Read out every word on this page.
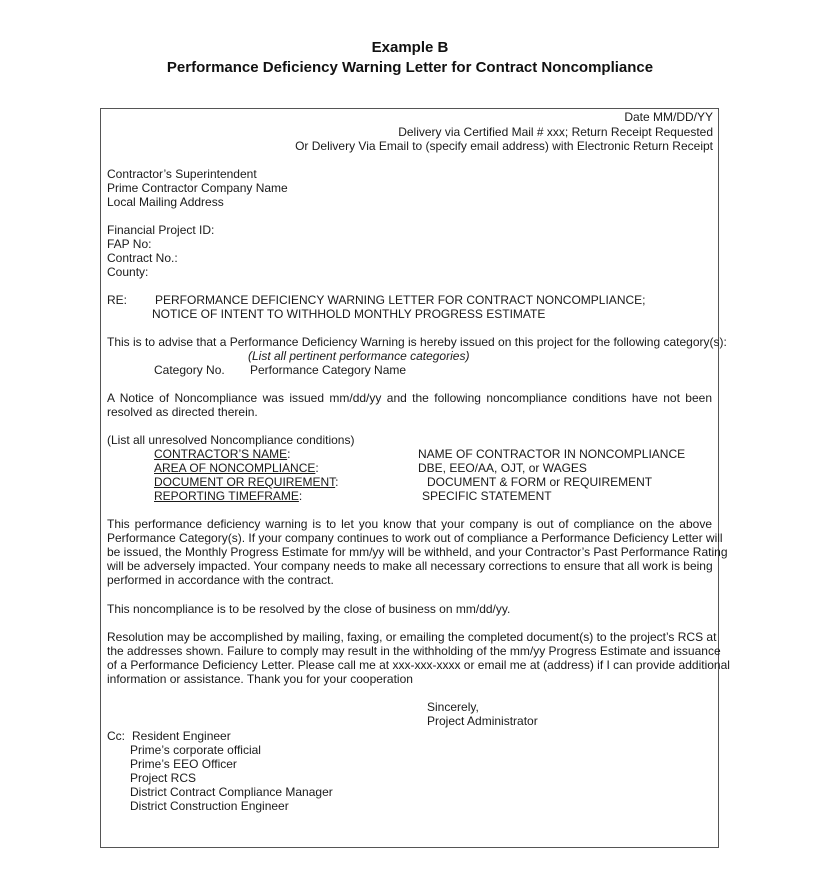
Example B
Performance Deficiency Warning Letter for Contract Noncompliance
Date MM/DD/YY
Delivery via Certified Mail # xxx; Return Receipt Requested
Or Delivery Via Email to (specify email address) with Electronic Return Receipt
Contractor’s Superintendent
Prime Contractor Company Name
Local Mailing Address
Financial Project ID:
FAP No:
Contract No.:
County:
RE: PERFORMANCE DEFICIENCY WARNING LETTER FOR CONTRACT NONCOMPLIANCE;
NOTICE OF INTENT TO WITHHOLD MONTHLY PROGRESS ESTIMATE
This is to advise that a Performance Deficiency Warning is hereby issued on this project for the following category(s):
(List all pertinent performance categories)
Category No. Performance Category Name
A Notice of Noncompliance was issued mm/dd/yy and the following noncompliance conditions have not been
resolved as directed therein.
(List all unresolved Noncompliance conditions)
CONTRACTOR’S NAME:	NAME OF CONTRACTOR IN NONCOMPLIANCE
AREA OF NONCOMPLIANCE:	DBE, EEO/AA, OJT, or WAGES
DOCUMENT OR REQUIREMENT:	DOCUMENT & FORM or REQUIREMENT
REPORTING TIMEFRAME:	SPECIFIC STATEMENT
This performance deficiency warning is to let you know that your company is out of compliance on the above
Performance Category(s). If your company continues to work out of compliance a Performance Deficiency Letter will
be issued, the Monthly Progress Estimate for mm/yy will be withheld, and your Contractor’s Past Performance Rating
will be adversely impacted. Your company needs to make all necessary corrections to ensure that all work is being
performed in accordance with the contract.
This noncompliance is to be resolved by the close of business on mm/dd/yy.
Resolution may be accomplished by mailing, faxing, or emailing the completed document(s) to the project’s RCS at
the addresses shown. Failure to comply may result in the withholding of the mm/yy Progress Estimate and issuance
of a Performance Deficiency Letter. Please call me at xxx-xxx-xxxx or email me at (address) if I can provide additional
information or assistance. Thank you for your cooperation
Sincerely,
Project Administrator
Cc: Resident Engineer
Prime’s corporate official
Prime’s EEO Officer
Project RCS
District Contract Compliance Manager
District Construction Engineer
